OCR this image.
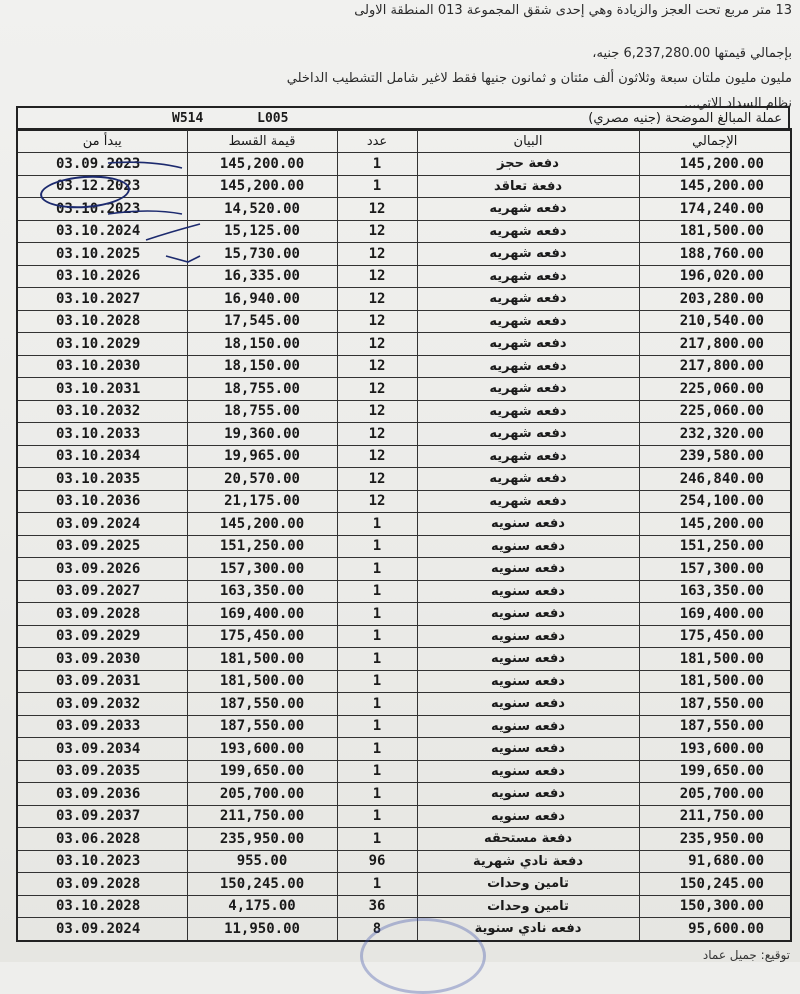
13 متر مربع تحت العجز والزيادة وهي إحدى شقق المجموعة 013 المنطقة الاولى
بإجمالي قيمتها 6,237,280.00 جنيه،
مليون مليون ملتان سبعة وثلاثون ألف مئتان و ثمانون جنيها فقط لاغير شامل التشطيب الداخلي
نظام السداد الاتي...
عملة المبالغ الموضحة (جنيه مصري)
يبدأ من	قيمة القسط	عدد	البيان	الإجمالي
03.09.2023	145,200.00	1	دفعة حجز	145,200.00
03.12.2023	145,200.00	1	دفعة تعاقد	145,200.00
03.10.2023	14,520.00	12	دفعه شهريه	174,240.00
03.10.2024	15,125.00	12	دفعه شهريه	181,500.00
03.10.2025	15,730.00	12	دفعه شهريه	188,760.00
03.10.2026	16,335.00	12	دفعه شهريه	196,020.00
03.10.2027	16,940.00	12	دفعه شهريه	203,280.00
03.10.2028	17,545.00	12	دفعه شهريه	210,540.00
03.10.2029	18,150.00	12	دفعه شهريه	217,800.00
03.10.2030	18,150.00	12	دفعه شهريه	217,800.00
03.10.2031	18,755.00	12	دفعه شهريه	225,060.00
03.10.2032	18,755.00	12	دفعه شهريه	225,060.00
03.10.2033	19,360.00	12	دفعه شهريه	232,320.00
03.10.2034	19,965.00	12	دفعه شهريه	239,580.00
03.10.2035	20,570.00	12	دفعه شهريه	246,840.00
03.10.2036	21,175.00	12	دفعه شهريه	254,100.00
03.09.2024	145,200.00	1	دفعه سنويه	145,200.00
03.09.2025	151,250.00	1	دفعه سنويه	151,250.00
03.09.2026	157,300.00	1	دفعه سنويه	157,300.00
03.09.2027	163,350.00	1	دفعه سنويه	163,350.00
03.09.2028	169,400.00	1	دفعه سنويه	169,400.00
03.09.2029	175,450.00	1	دفعه سنويه	175,450.00
03.09.2030	181,500.00	1	دفعه سنويه	181,500.00
03.09.2031	181,500.00	1	دفعه سنويه	181,500.00
03.09.2032	187,550.00	1	دفعه سنويه	187,550.00
03.09.2033	187,550.00	1	دفعه سنويه	187,550.00
03.09.2034	193,600.00	1	دفعه سنويه	193,600.00
03.09.2035	199,650.00	1	دفعه سنويه	199,650.00
03.09.2036	205,700.00	1	دفعه سنويه	205,700.00
03.09.2037	211,750.00	1	دفعه سنويه	211,750.00
03.06.2028	235,950.00	1	دفعة مستحقه	235,950.00
03.10.2023	955.00	96	دفعة نادي شهرية	91,680.00
03.09.2028	150,245.00	1	تامين وحدات	150,245.00
03.10.2028	4,175.00	36	تامين وحدات	150,300.00
03.09.2024	11,950.00	8	دفعه نادي سنوية	95,600.00
W514	L005
توقيع: جميل عماد
